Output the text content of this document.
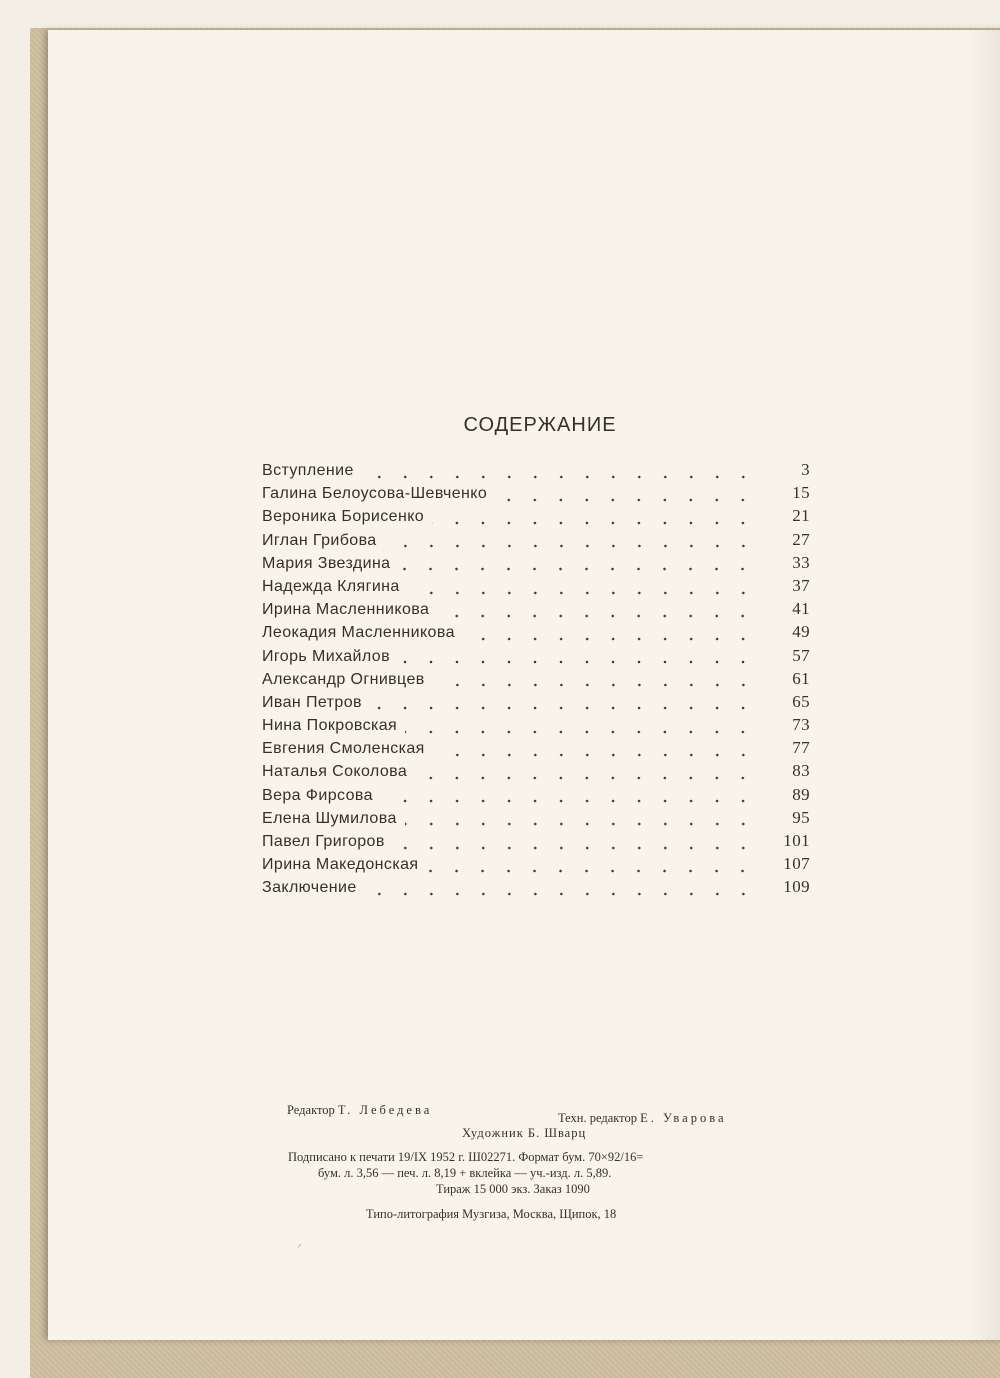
СОДЕРЖАНИЕ
Вступление	3
Галина Белоусова-Шевченко	15
Вероника Борисенко	21
Иглан Грибова	27
Мария Звездина	33
Надежда Клягина	37
Ирина Масленникова	41
Леокадия Масленникова	49
Игорь Михайлов	57
Александр Огнивцев	61
Иван Петров	65
Нина Покровская	73
Евгения Смоленская	77
Наталья Соколова	83
Вера Фирсова	89
Елена Шумилова	95
Павел Григоров	101
Ирина Македонская	107
Заключение	109
Редактор Т. Лебедева
Техн. редактор Е. Уварова
Художник Б. Шварц
Подписано к печати 19/IX 1952 г. Ш02271. Формат бум. 70×92/16=
бум. л. 3,56 — печ. л. 8,19 + вклейка — уч.-изд. л. 5,89.
Тираж 15 000 экз. Заказ 1090
Типо-литография Музгиза, Москва, Щипок, 18
⸍
